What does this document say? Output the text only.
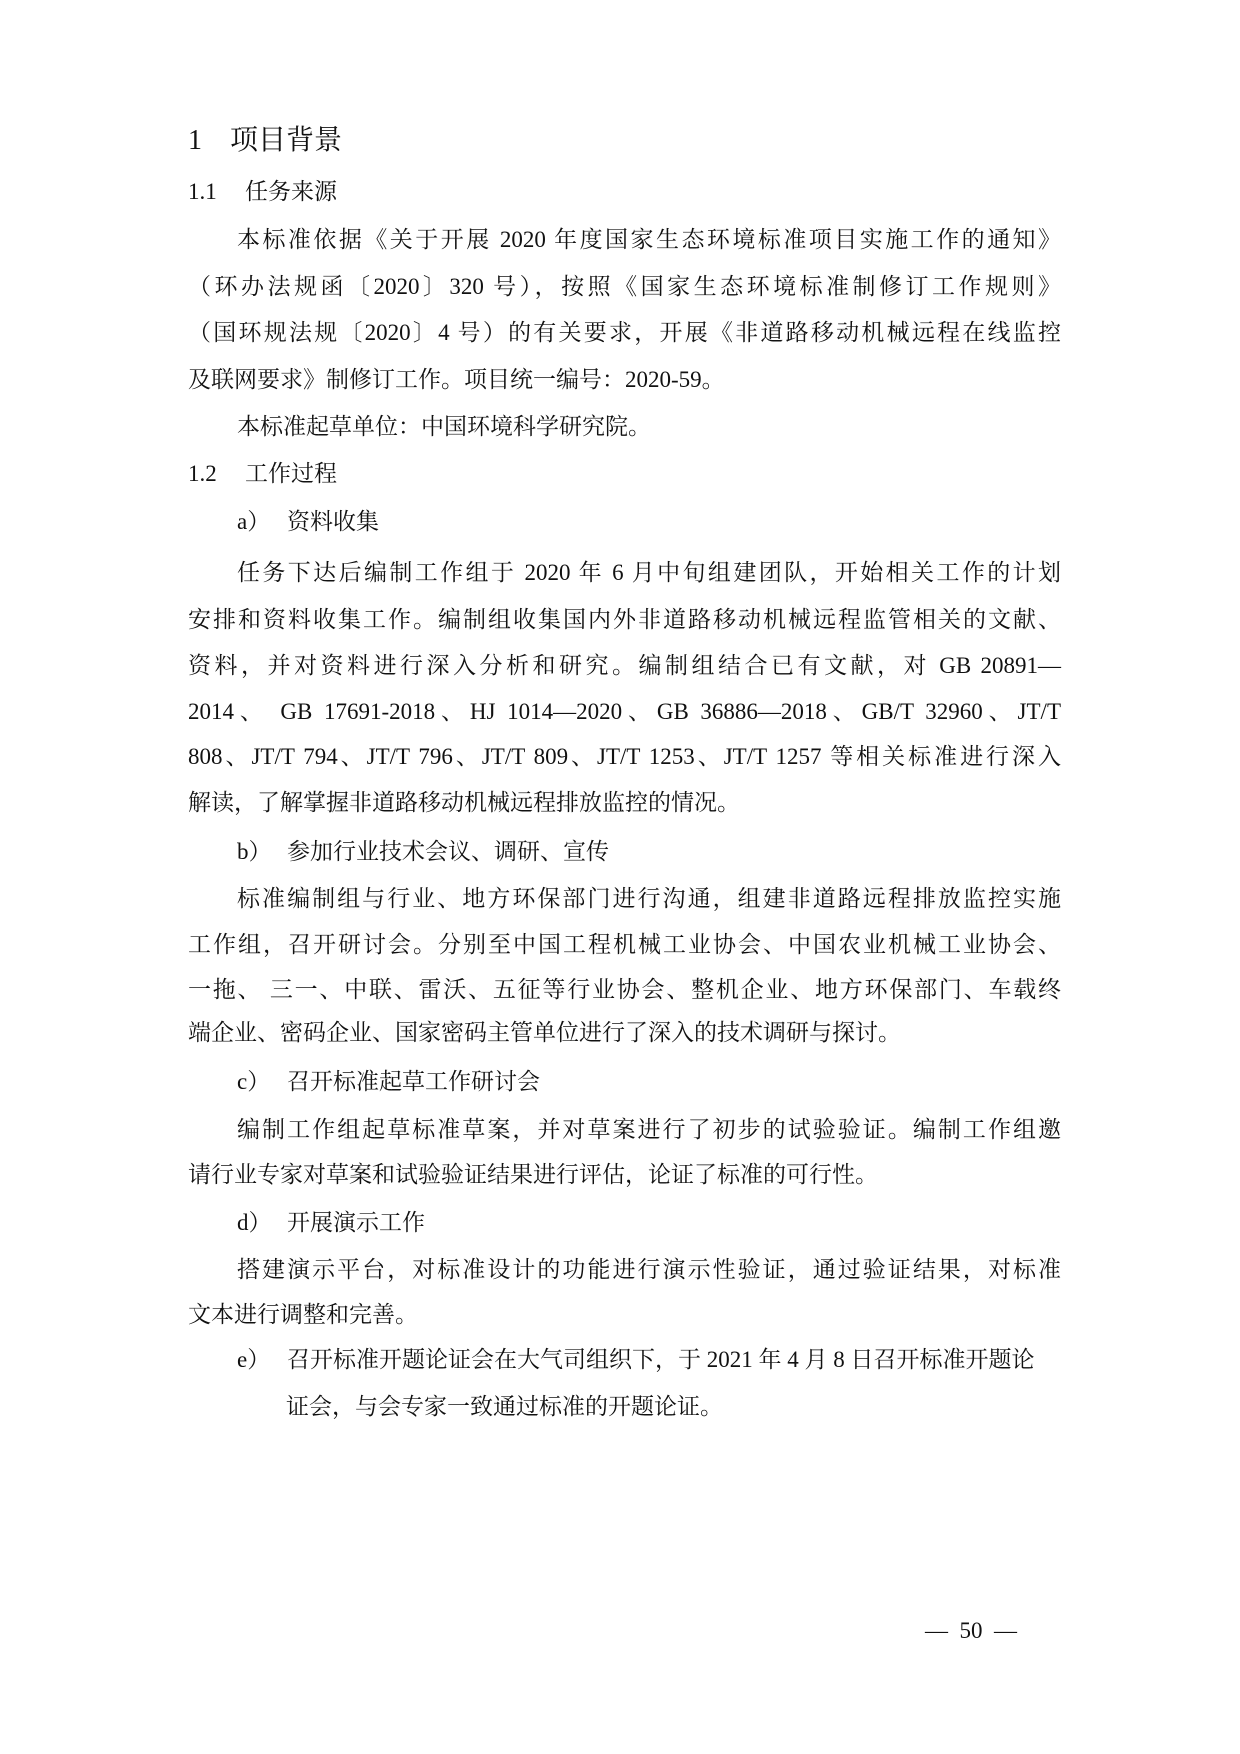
1 项目背景
1.1 任务来源
本标准依据《关于开展 2020 年度国家生态环境标准项目实施工作的通知》
（环办法规函〔2020〕320 号），按照《国家生态环境标准制修订工作规则》
（国环规法规〔2020〕4 号）的有关要求，开展《非道路移动机械远程在线监控
及联网要求》制修订工作。项目统一编号：2020-59。
本标准起草单位：中国环境科学研究院。
1.2 工作过程
a） 资料收集
任务下达后编制工作组于 2020 年 6 月中旬组建团队，开始相关工作的计划
安排和资料收集工作。编制组收集国内外非道路移动机械远程监管相关的文献、
资料，并对资料进行深入分析和研究。编制组结合已有文献，对 GB 20891—
2014、 GB 17691-2018、HJ 1014—2020、GB 36886—2018、GB/T 32960、JT/T
808、JT/T 794、JT/T 796、JT/T 809、JT/T 1253、JT/T 1257 等相关标准进行深入
解读，了解掌握非道路移动机械远程排放监控的情况。
b） 参加行业技术会议、调研、宣传
标准编制组与行业、地方环保部门进行沟通，组建非道路远程排放监控实施
工作组，召开研讨会。分别至中国工程机械工业协会、中国农业机械工业协会、
一拖、 三一、中联、雷沃、五征等行业协会、整机企业、地方环保部门、车载终
端企业、密码企业、国家密码主管单位进行了深入的技术调研与探讨。
c） 召开标准起草工作研讨会
编制工作组起草标准草案，并对草案进行了初步的试验验证。编制工作组邀
请行业专家对草案和试验验证结果进行评估，论证了标准的可行性。
d） 开展演示工作
搭建演示平台，对标准设计的功能进行演示性验证，通过验证结果，对标准
文本进行调整和完善。
e） 召开标准开题论证会在大气司组织下，于 2021 年 4 月 8 日召开标准开题论
证会，与会专家一致通过标准的开题论证。
—  50  —
